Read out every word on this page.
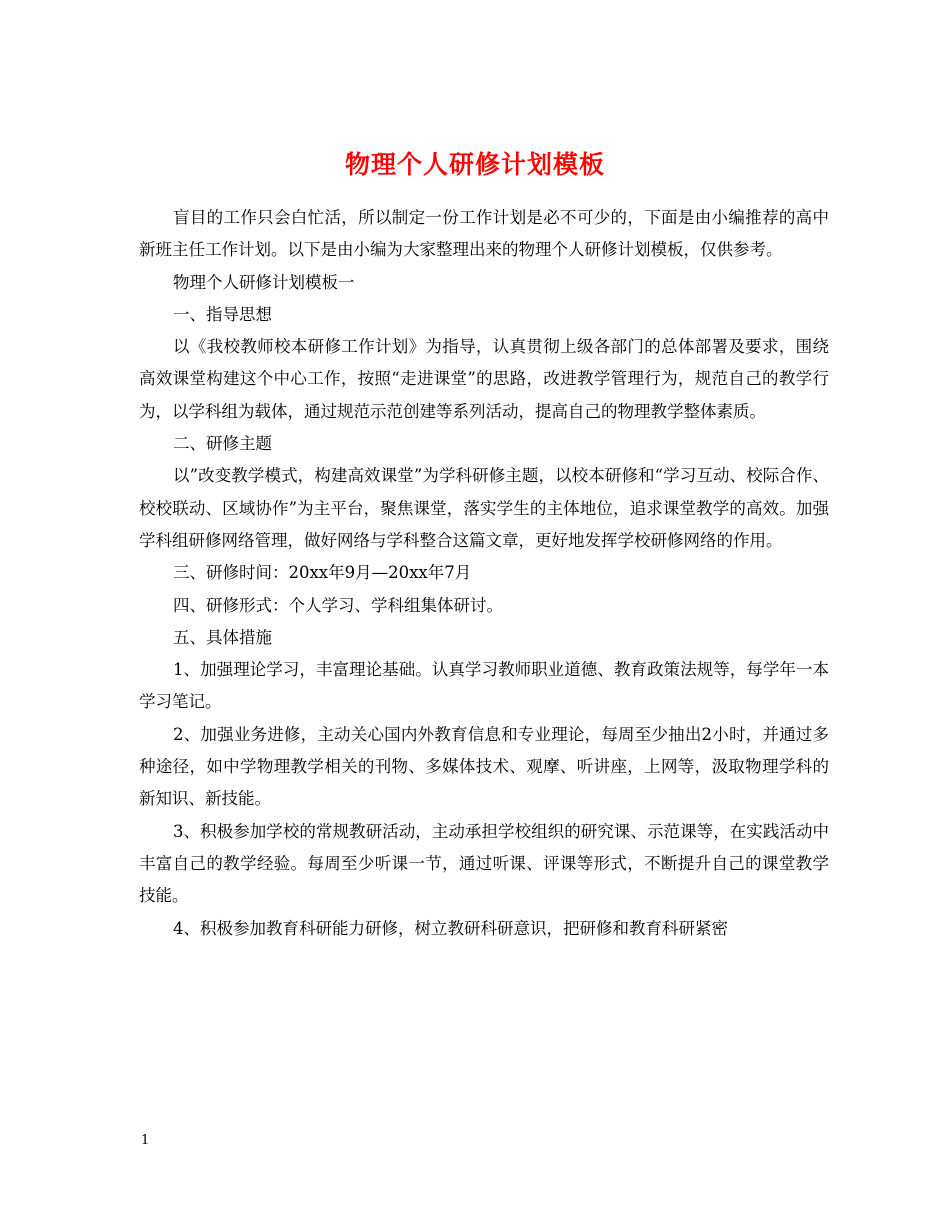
物理个人研修计划模板

盲目的工作只会白忙活，所以制定一份工作计划是必不可少的，下面是由小编推荐的高中新班主任工作计划。以下是由小编为大家整理出来的物理个人研修计划模板，仅供参考。

物理个人研修计划模板一

一、指导思想

以《我校教师校本研修工作计划》为指导，认真贯彻上级各部门的总体部署及要求，围绕高效课堂构建这个中心工作，按照“走进课堂”的思路，改进教学管理行为，规范自己的教学行为，以学科组为载体，通过规范示范创建等系列活动，提高自己的物理教学整体素质。

二、研修主题

以”改变教学模式，构建高效课堂”为学科研修主题，以校本研修和“学习互动、校际合作、校校联动、区域协作”为主平台，聚焦课堂，落实学生的主体地位，追求课堂教学的高效。加强学科组研修网络管理，做好网络与学科整合这篇文章，更好地发挥学校研修网络的作用。

三、研修时间：20xx年9月—20xx年7月

四、研修形式：个人学习、学科组集体研讨。

五、具体措施

1、加强理论学习，丰富理论基础。认真学习教师职业道德、教育政策法规等，每学年一本学习笔记。

2、加强业务进修，主动关心国内外教育信息和专业理论，每周至少抽出2小时，并通过多种途径，如中学物理教学相关的刊物、多媒体技术、观摩、听讲座，上网等，汲取物理学科的新知识、新技能。

3、积极参加学校的常规教研活动，主动承担学校组织的研究课、示范课等，在实践活动中丰富自己的教学经验。每周至少听课一节，通过听课、评课等形式，不断提升自己的课堂教学技能。

4、积极参加教育科研能力研修，树立教研科研意识，把研修和教育科研紧密

1
